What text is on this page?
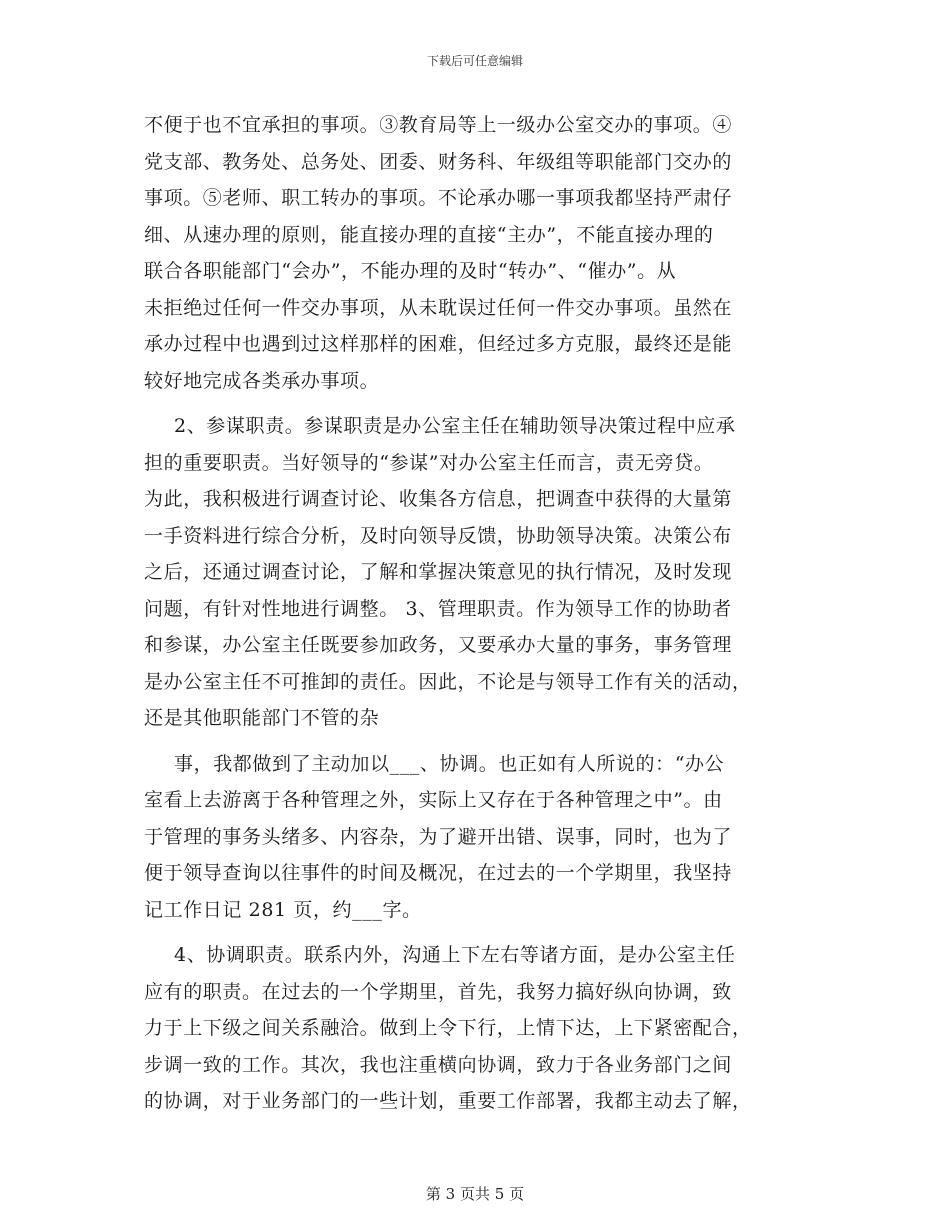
下载后可任意编辑
不便于也不宜承担的事项。③教育局等上一级办公室交办的事项。④
党支部、教务处、总务处、团委、财务科、年级组等职能部门交办的
事项。⑤老师、职工转办的事项。不论承办哪一事项我都坚持严肃仔
细、从速办理的原则，能直接办理的直接“主办”，不能直接办理的
联合各职能部门“会办”，不能办理的及时“转办”、“催办”。从
未拒绝过任何一件交办事项，从未耽误过任何一件交办事项。虽然在
承办过程中也遇到过这样那样的困难，但经过多方克服，最终还是能
较好地完成各类承办事项。
2、参谋职责。参谋职责是办公室主任在辅助领导决策过程中应承
担的重要职责。当好领导的“参谋”对办公室主任而言，责无旁贷。
为此，我积极进行调查讨论、收集各方信息，把调查中获得的大量第
一手资料进行综合分析，及时向领导反馈，协助领导决策。决策公布
之后，还通过调查讨论，了解和掌握决策意见的执行情况，及时发现
问题，有针对性地进行调整。 3、管理职责。作为领导工作的协助者
和参谋，办公室主任既要参加政务，又要承办大量的事务，事务管理
是办公室主任不可推卸的责任。因此，不论是与领导工作有关的活动，
还是其他职能部门不管的杂
事，我都做到了主动加以___、协调。也正如有人所说的：“办公
室看上去游离于各种管理之外，实际上又存在于各种管理之中”。由
于管理的事务头绪多、内容杂，为了避开出错、误事，同时，也为了
便于领导查询以往事件的时间及概况，在过去的一个学期里，我坚持
记工作日记 281 页，约___字。
4、协调职责。联系内外，沟通上下左右等诸方面，是办公室主任
应有的职责。在过去的一个学期里，首先，我努力搞好纵向协调，致
力于上下级之间关系融洽。做到上令下行，上情下达，上下紧密配合，
步调一致的工作。其次，我也注重横向协调，致力于各业务部门之间
的协调，对于业务部门的一些计划，重要工作部署，我都主动去了解，
第 3 页共 5 页
